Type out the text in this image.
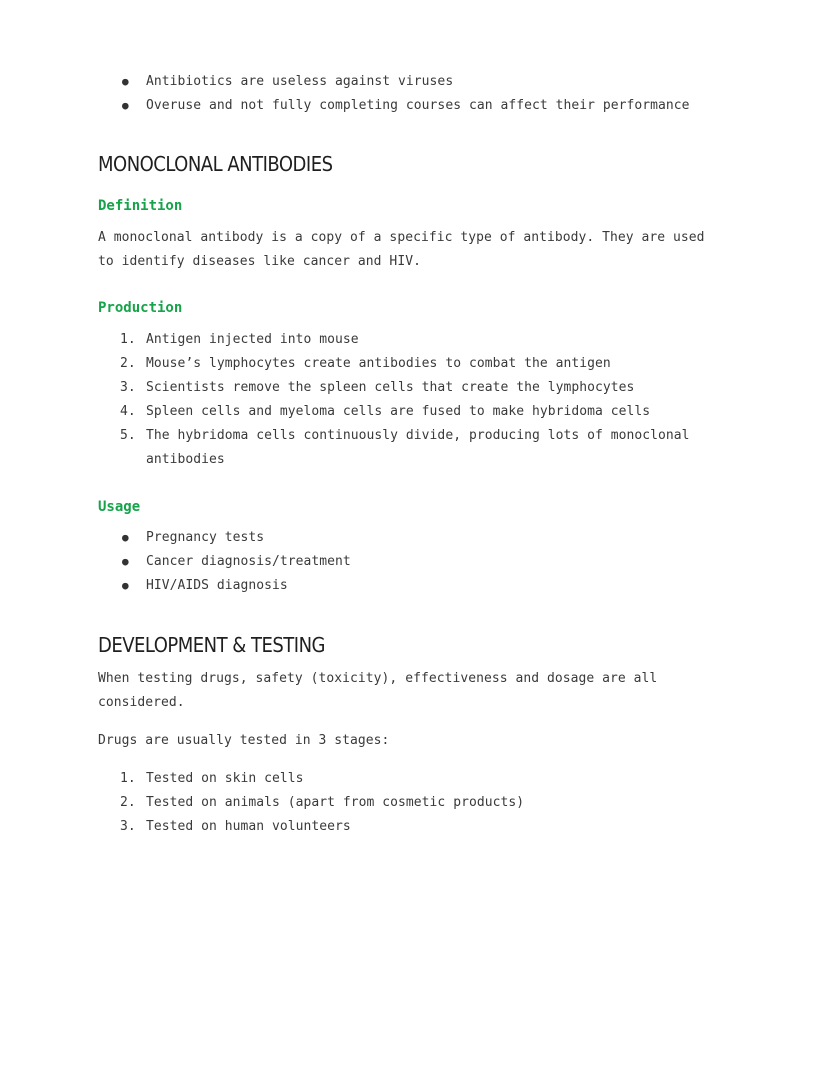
● Antibiotics are useless against viruses
● Overuse and not fully completing courses can affect their performance
MONOCLONAL ANTIBODIES
Definition
A monoclonal antibody is a copy of a specific type of antibody. They are used
to identify diseases like cancer and HIV.
Production
1. Antigen injected into mouse
2. Mouse’s lymphocytes create antibodies to combat the antigen
3. Scientists remove the spleen cells that create the lymphocytes
4. Spleen cells and myeloma cells are fused to make hybridoma cells
5. The hybridoma cells continuously divide, producing lots of monoclonal
antibodies
Usage
● Pregnancy tests
● Cancer diagnosis/treatment
● HIV/AIDS diagnosis
DEVELOPMENT & TESTING
When testing drugs, safety (toxicity), effectiveness and dosage are all
considered.
Drugs are usually tested in 3 stages:
1. Tested on skin cells
2. Tested on animals (apart from cosmetic products)
3. Tested on human volunteers
